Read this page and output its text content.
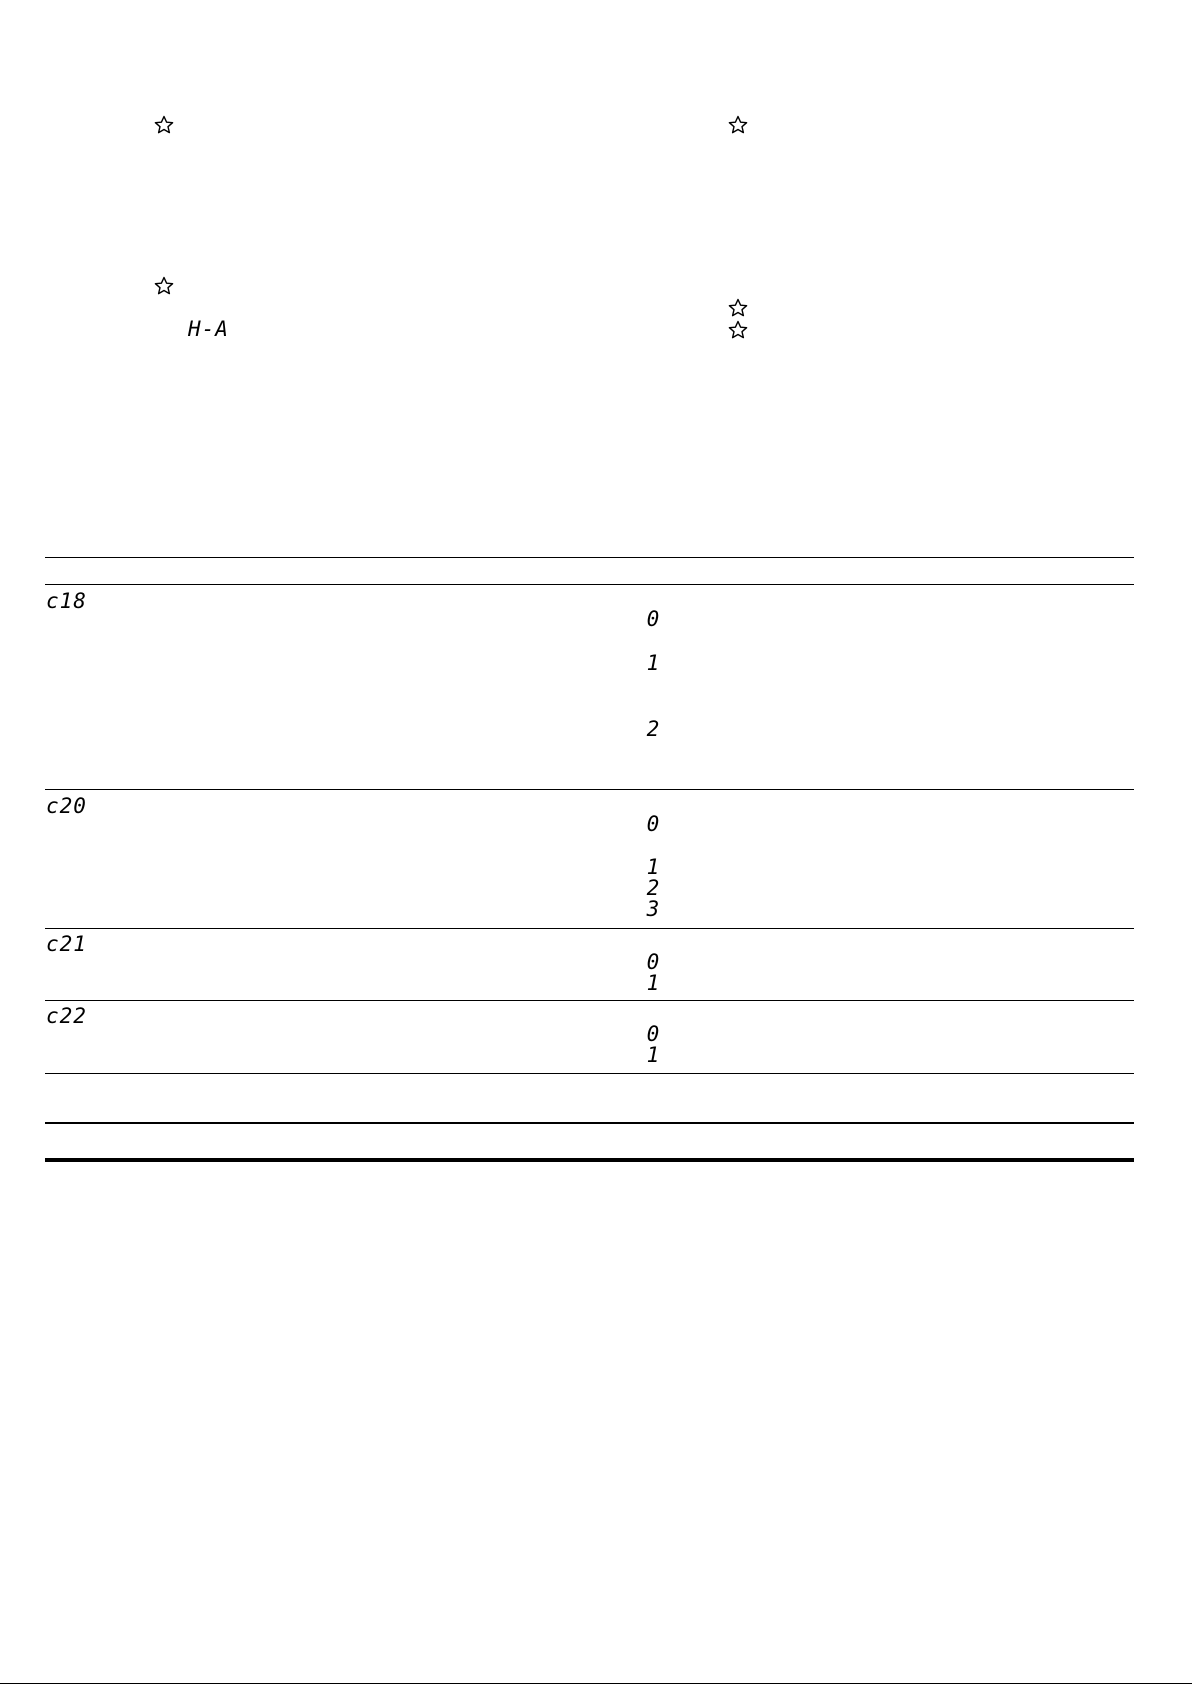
H-A
c18
0
1
2
c20
0
1
2
3
c21
0
1
c22
0
1
